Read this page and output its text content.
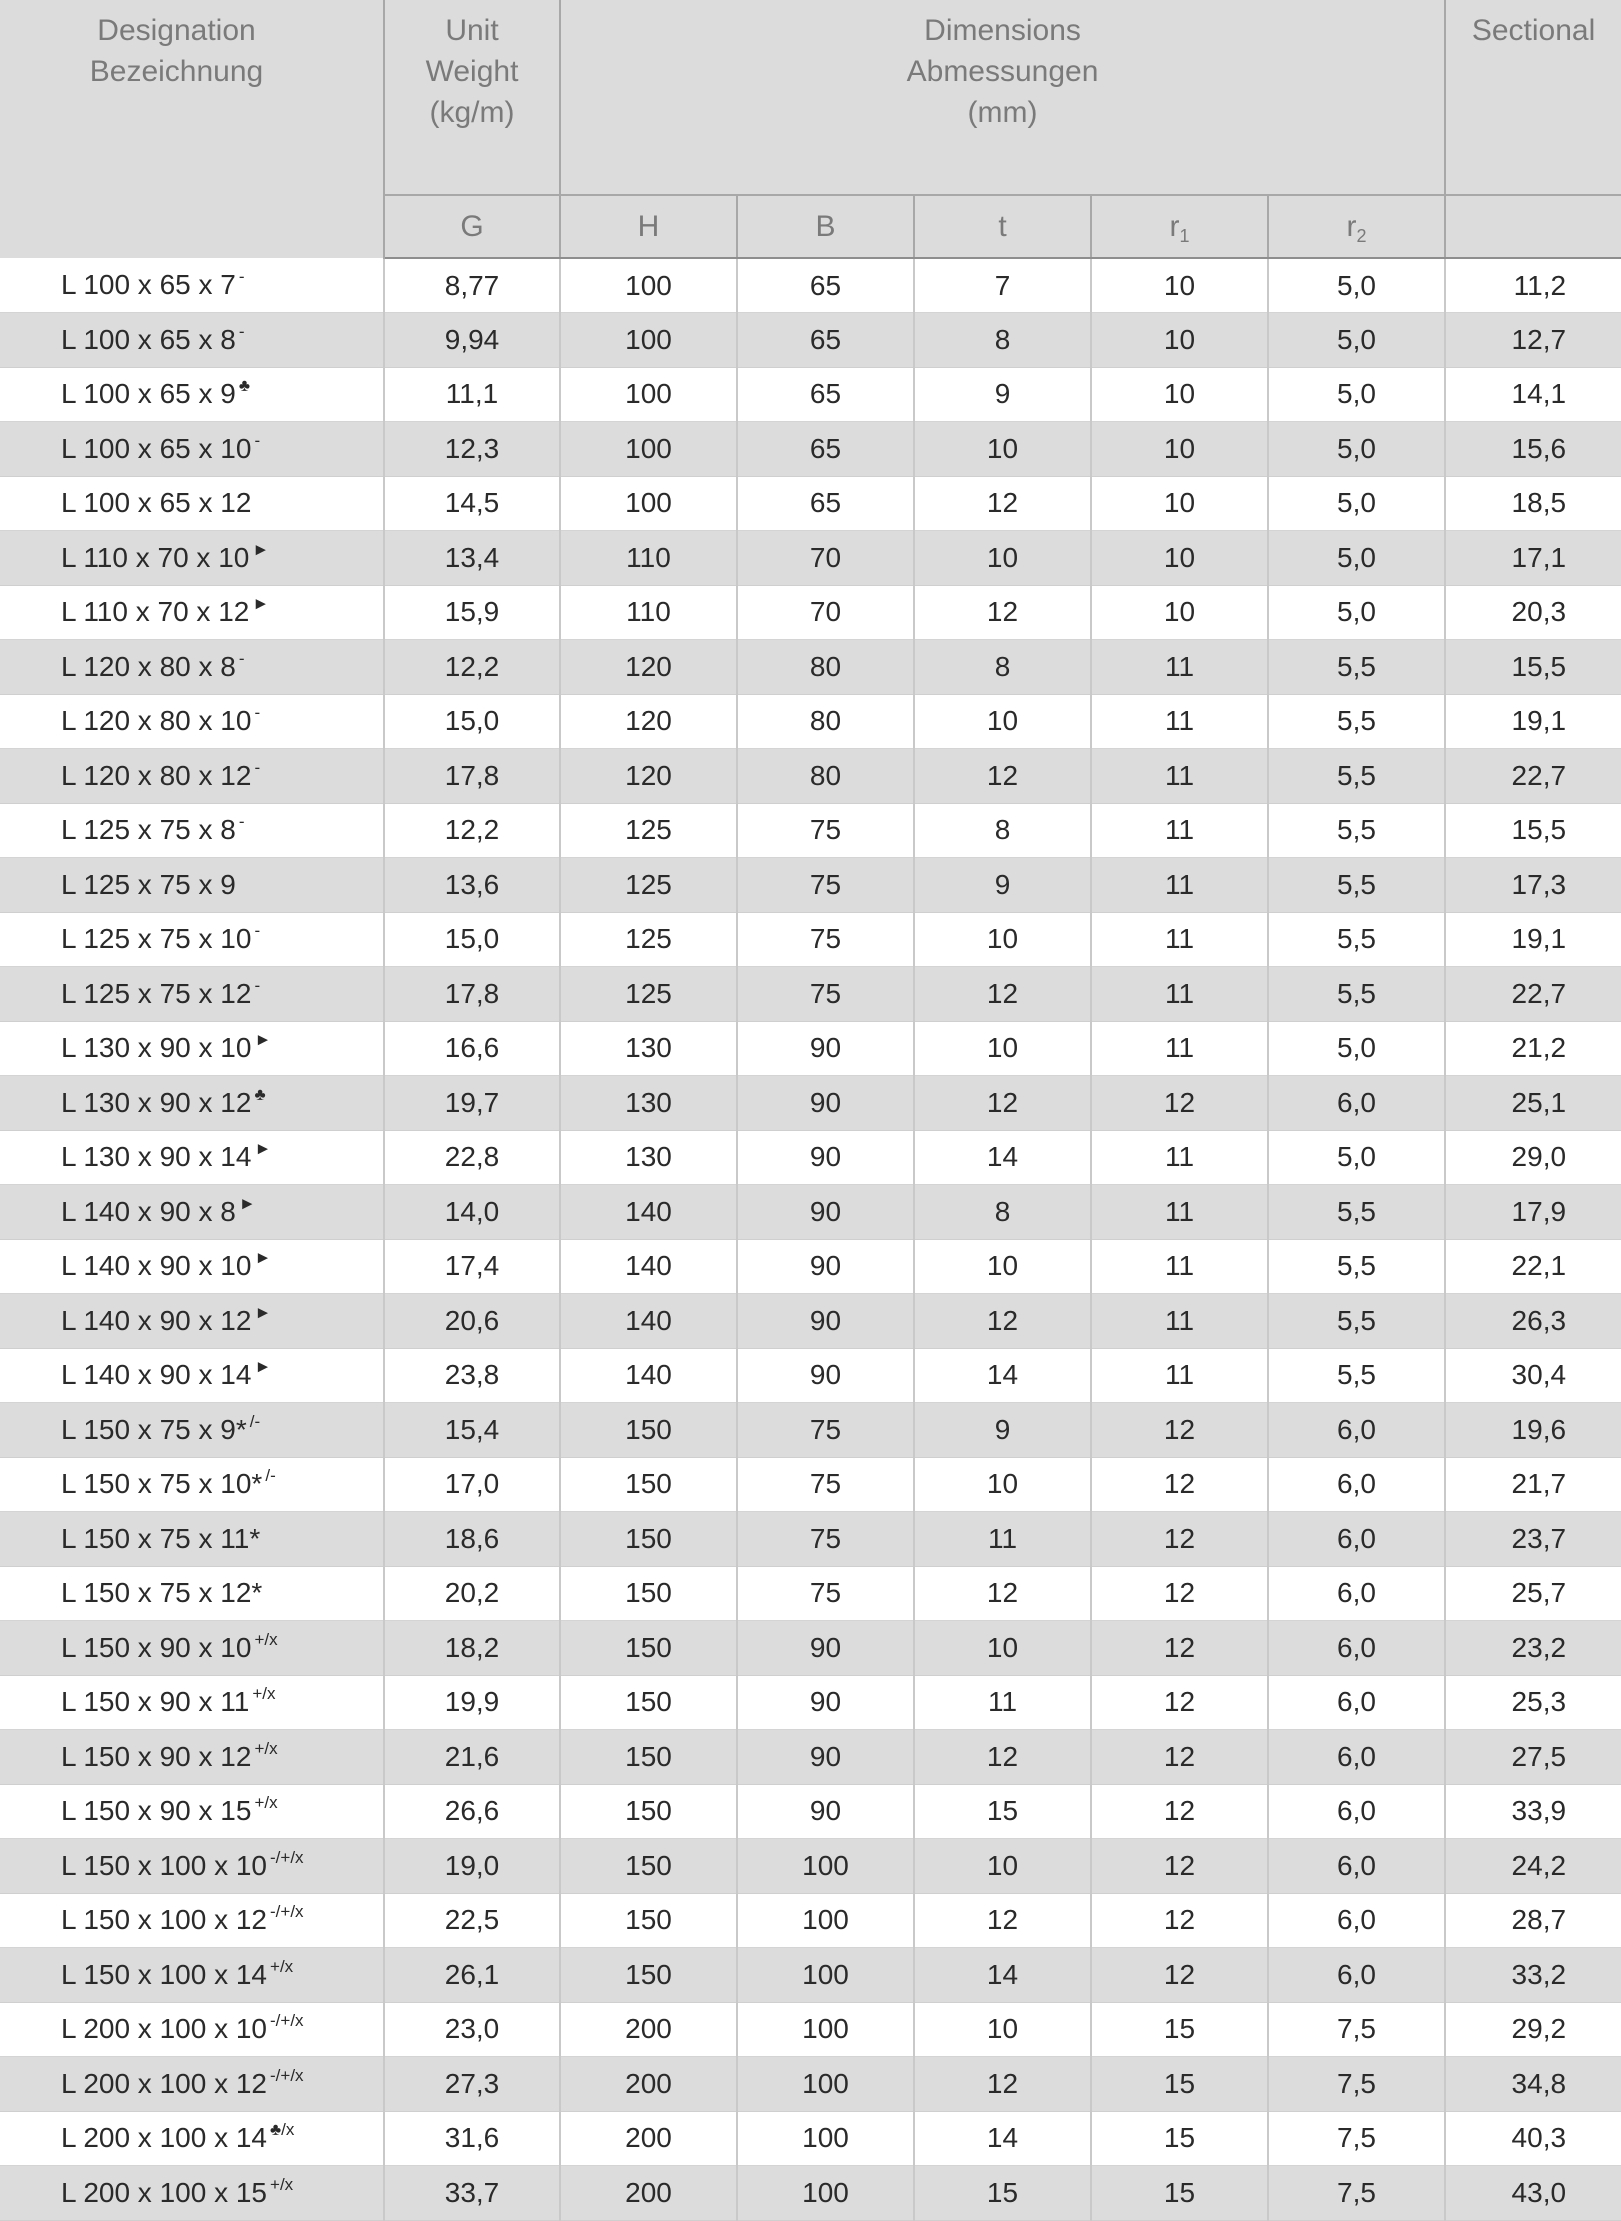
Designation
Bezeichnung	Unit
Weight
(kg/m)	Dimensions
Abmessungen
(mm)					Sectional

	G	H	B	t	$r_1$	$r_2$	
L 100 x 65 x 7 -	8,77	100	65	7	10	5,0	11,2
L 100 x 65 x 8 -	9,94	100	65	8	10	5,0	12,7
L 100 x 65 x 9 ♣	11,1	100	65	9	10	5,0	14,1
L 100 x 65 x 10 -	12,3	100	65	10	10	5,0	15,6
L 100 x 65 x 12	14,5	100	65	12	10	5,0	18,5
L 110 x 70 x 10 ►	13,4	110	70	10	10	5,0	17,1
L 110 x 70 x 12 ►	15,9	110	70	12	10	5,0	20,3
L 120 x 80 x 8 -	12,2	120	80	8	11	5,5	15,5
L 120 x 80 x 10 -	15,0	120	80	10	11	5,5	19,1
L 120 x 80 x 12 -	17,8	120	80	12	11	5,5	22,7
L 125 x 75 x 8 -	12,2	125	75	8	11	5,5	15,5
L 125 x 75 x 9	13,6	125	75	9	11	5,5	17,3
L 125 x 75 x 10 -	15,0	125	75	10	11	5,5	19,1
L 125 x 75 x 12 -	17,8	125	75	12	11	5,5	22,7
L 130 x 90 x 10 ►	16,6	130	90	10	11	5,0	21,2
L 130 x 90 x 12 ♣	19,7	130	90	12	12	6,0	25,1
L 130 x 90 x 14 ►	22,8	130	90	14	11	5,0	29,0
L 140 x 90 x 8 ►	14,0	140	90	8	11	5,5	17,9
L 140 x 90 x 10 ►	17,4	140	90	10	11	5,5	22,1
L 140 x 90 x 12 ►	20,6	140	90	12	11	5,5	26,3
L 140 x 90 x 14 ►	23,8	140	90	14	11	5,5	30,4
L 150 x 75 x 9* /-	15,4	150	75	9	12	6,0	19,6
L 150 x 75 x 10* /-	17,0	150	75	10	12	6,0	21,7
L 150 x 75 x 11*	18,6	150	75	11	12	6,0	23,7
L 150 x 75 x 12*	20,2	150	75	12	12	6,0	25,7
L 150 x 90 x 10 $^{+/x}$	18,2	150	90	10	12	6,0	23,2
L 150 x 90 x 11 $^{+/x}$	19,9	150	90	11	12	6,0	25,3
L 150 x 90 x 12 $^{+/x}$	21,6	150	90	12	12	6,0	27,5
L 150 x 90 x 15 $^{+/x}$	26,6	150	90	15	12	6,0	33,9
L 150 x 100 x 10 $^{-/+/x}$	19,0	150	100	10	12	6,0	24,2
L 150 x 100 x 12 $^{-/+/x}$	22,5	150	100	12	12	6,0	28,7
L 150 x 100 x 14 $^{+/x}$	26,1	150	100	14	12	6,0	33,2
L 200 x 100 x 10 $^{-/+/x}$	23,0	200	100	10	15	7,5	29,2
L 200 x 100 x 12 $^{-/+/x}$	27,3	200	100	12	15	7,5	34,8
L 200 x 100 x 14 $^{♣/x}$	31,6	200	100	14	15	7,5	40,3
L 200 x 100 x 15 $^{+/x}$	33,7	200	100	15	15	7,5	43,0
